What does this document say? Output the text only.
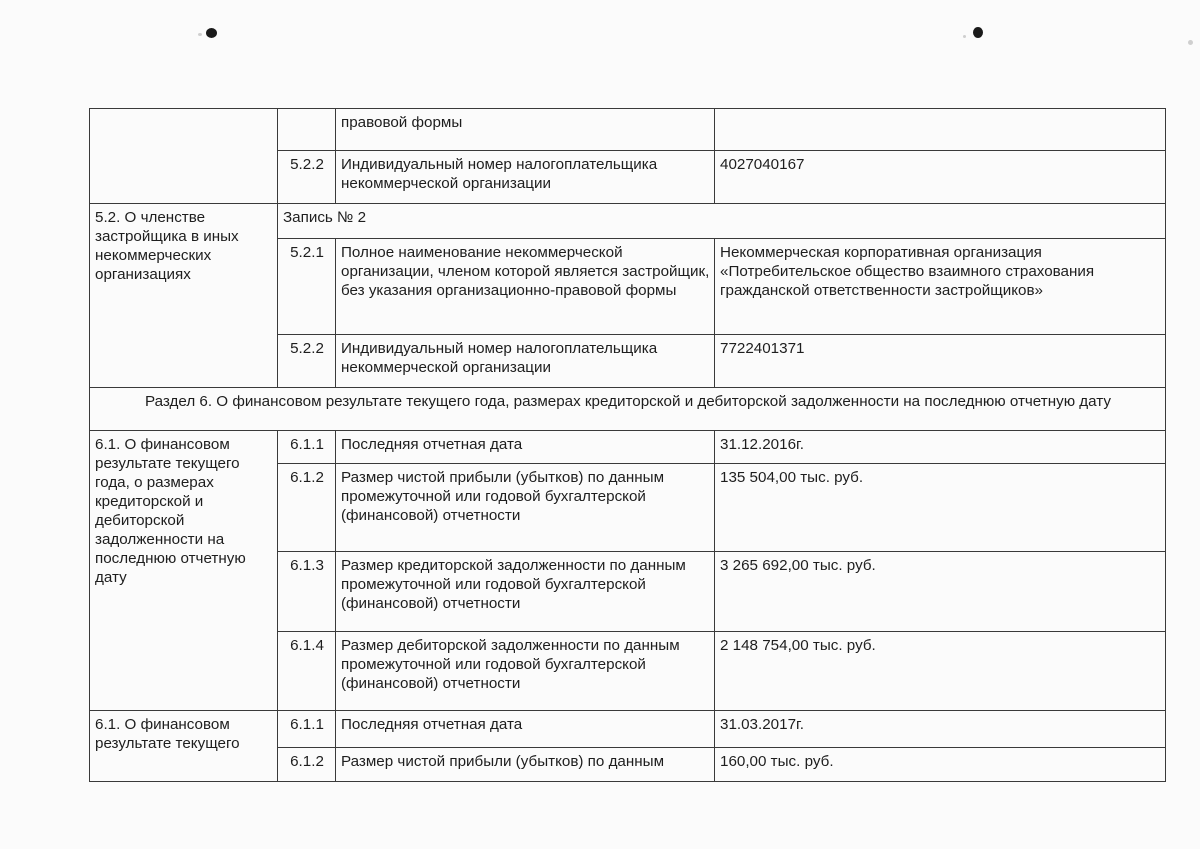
		правовой формы	
	5.2.2	Индивидуальный номер налогоплательщика некоммерческой организации	4027040167
5.2. О членстве застройщика в иных некоммерческих организациях	Запись № 2		
	5.2.1	Полное наименование некоммерческой организации, членом которой является застройщик, без указания организационно-правовой формы	Некоммерческая корпоративная организация «Потребительское общество взаимного страхования гражданской ответственности застройщиков»
	5.2.2	Индивидуальный номер налогоплательщика некоммерческой организации	7722401371
Раздел 6. О финансовом результате текущего года, размерах кредиторской и дебиторской задолженности на последнюю отчетную дату			
6.1. О финансовом результате текущего года, о размерах кредиторской и дебиторской задолженности на последнюю отчетную дату	6.1.1	Последняя отчетная дата	31.12.2016г.
	6.1.2	Размер чистой прибыли (убытков) по данным промежуточной или годовой бухгалтерской (финансовой) отчетности	135 504,00 тыс. руб.
	6.1.3	Размер кредиторской задолженности по данным промежуточной или годовой бухгалтерской (финансовой) отчетности	3 265 692,00 тыс. руб.
	6.1.4	Размер дебиторской задолженности по данным промежуточной или годовой бухгалтерской (финансовой) отчетности	2 148 754,00 тыс. руб.
6.1. О финансовом результате текущего	6.1.1	Последняя отчетная дата	31.03.2017г.
	6.1.2	Размер чистой прибыли (убытков) по данным	160,00 тыс. руб.
